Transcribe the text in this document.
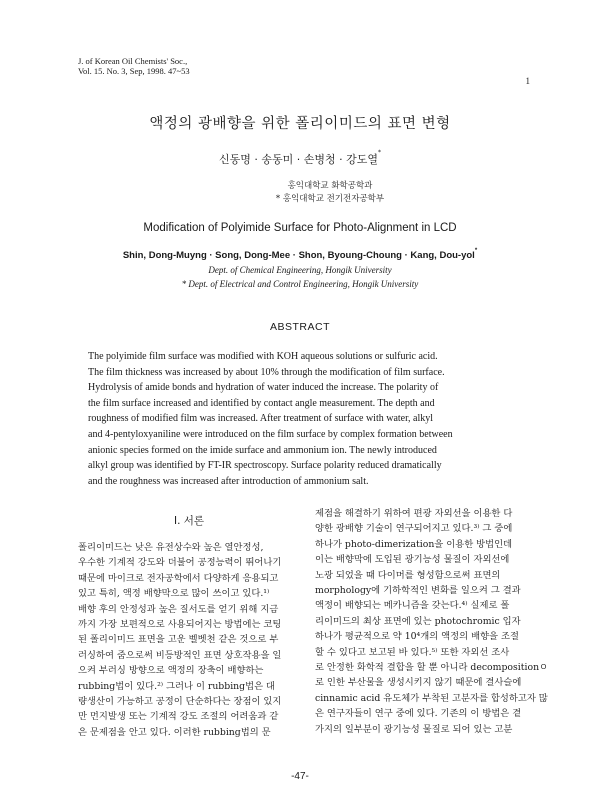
J. of Korean Oil Chemists' Soc.,
Vol. 15. No. 3, Sep, 1998. 47~53
1
액정의 광배향을 위한 폴리이미드의 표면 변형
신동명 · 송동미 · 손병청 · 강도열*
홍익대학교 화학공학과
* 홍익대학교 전기전자공학부
Modification of Polyimide Surface for Photo-Alignment in LCD
Shin, Dong-Muyng · Song, Dong-Mee · Shon, Byoung-Choung · Kang, Dou-yol*
Dept. of Chemical Engineering, Hongik University
* Dept. of Electrical and Control Engineering, Hongik University
ABSTRACT
The polyimide film surface was modified with KOH aqueous solutions or sulfuric acid.
The film thickness was increased by about 10% through the modification of film surface.
Hydrolysis of amide bonds and hydration of water induced the increase. The polarity of
the film surface increased and identified by contact angle measurement. The depth and
roughness of modified film was increased. After treatment of surface with water, alkyl
and 4-pentyloxyaniline were introduced on the film surface by complex formation between
anionic species formed on the imide surface and ammonium ion. The newly introduced
alkyl group was identified by FT-IR spectroscopy. Surface polarity reduced dramatically
and the roughness was increased after introduction of ammonium salt.
I. 서론
폴리이미드는 낮은 유전상수와 높은 열안정성,
우수한 기계적 강도와 더불어 공정능력이 뛰어나기
때문에 마이크로 전자공학에서 다양하게 응용되고
있고 특히, 액정 배향막으로 많이 쓰이고 있다.¹⁾
배향 후의 안정성과 높은 질서도를 얻기 위해 지금
까지 가장 보편적으로 사용되어지는 방법에는 코팅
된 폴리이미드 표면을 고운 벨벳천 같은 것으로 부
러싱하여 줌으로써 비등방적인 표면 상호작용을 일
으켜 부러싱 방향으로 액정의 장축이 배향하는
rubbing법이 있다.²⁾ 그러나 이 rubbing법은 대
량생산이 가능하고 공정이 단순하다는 장점이 있지
만 먼지발생 또는 기계적 강도 조절의 어려움과 같
은 문제점을 안고 있다. 이러한 rubbing법의 문
제점을 해결하기 위하여 편광 자외선을 이용한 다
양한 광배향 기술이 연구되어지고 있다.³⁾ 그 중에
하나가 photo-dimerization을 이용한 방법인데
이는 배향막에 도입된 광기능성 물질이 자외선에
노광 되었을 때 다이머를 형성함으로써 표면의
morphology에 기하학적인 변화를 일으켜 그 결과
액정이 배향되는 메카니즘을 갖는다.⁴⁾ 실제로 폴
리이미드의 최상 표면에 있는 photochromic 입자
하나가 평균적으로 약 10⁴개의 액정의 배향을 조절
할 수 있다고 보고된 바 있다.⁵⁾ 또한 자외선 조사
로 안정한 화학적 결합을 할 뿐 아니라 decompositionㅇ
로 인한 부산물을 생성시키지 않기 때문에 결사슬에
cinnamic acid 유도체가 부착된 고분자를 합성하고자 많
은 연구자들이 연구 중에 있다. 기존의 이 방법은 곁
가지의 일부분이 광기능성 물질로 되어 있는 고분
-47-
